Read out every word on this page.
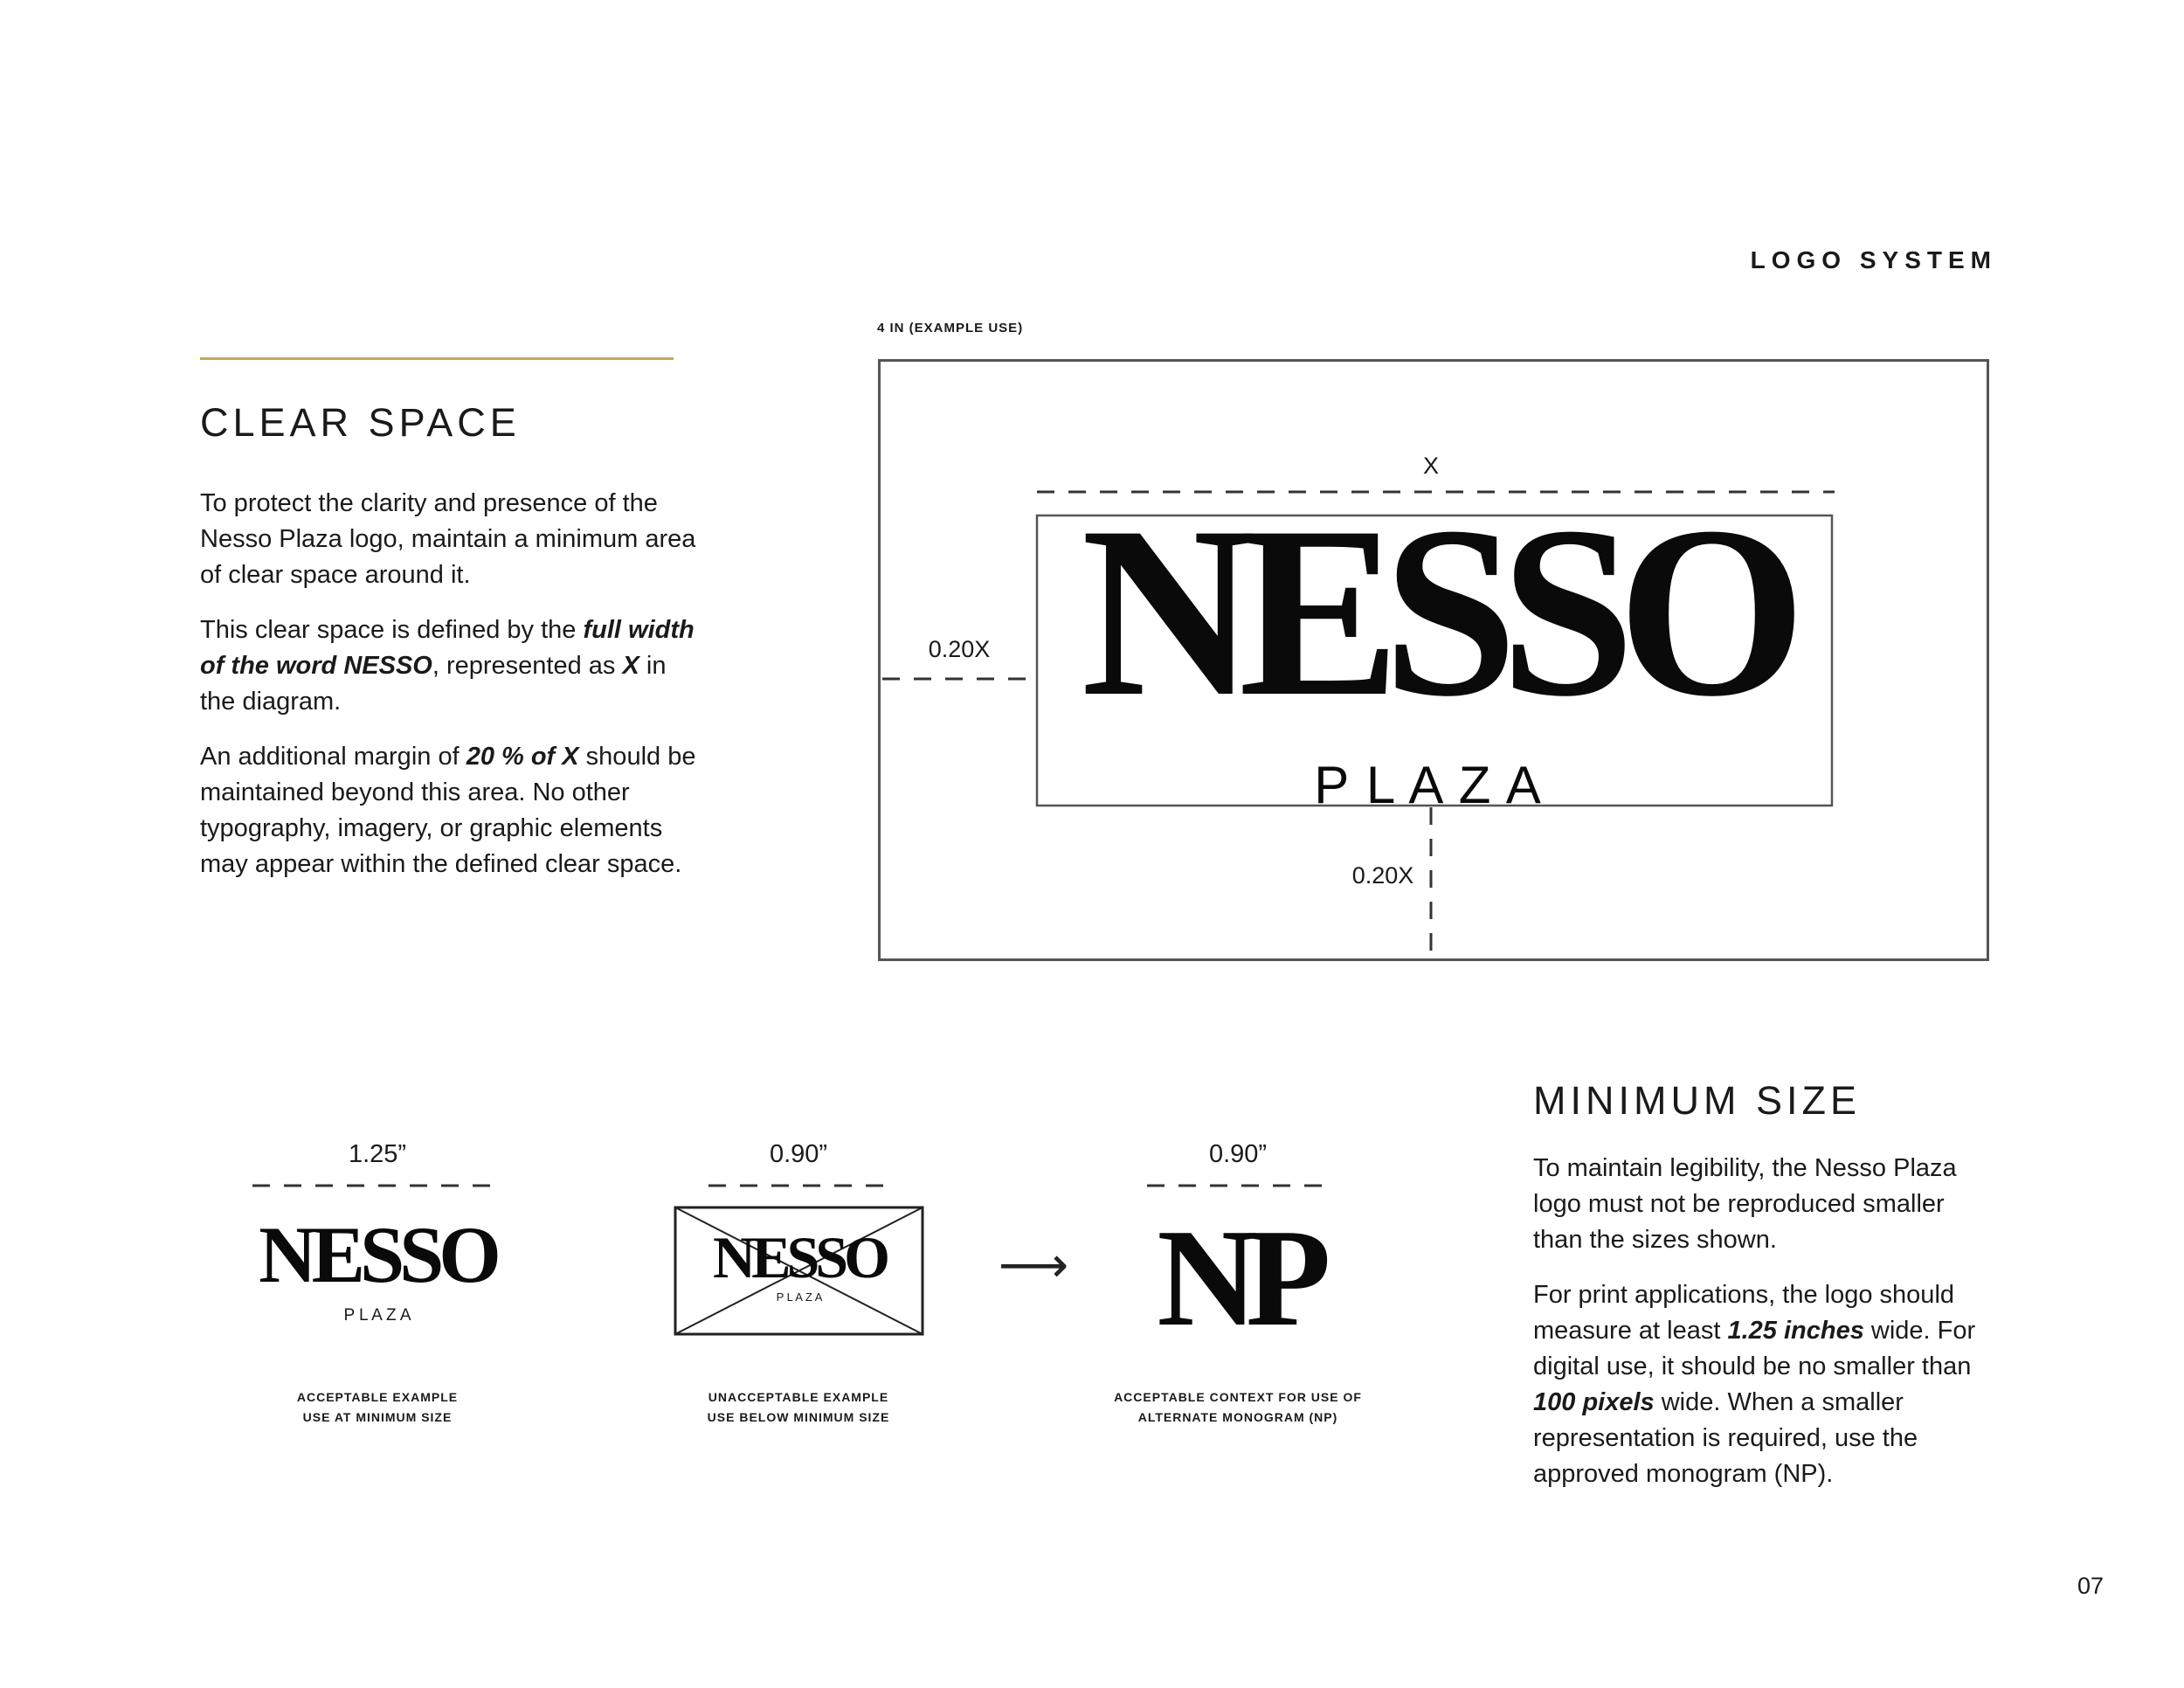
LOGO SYSTEM
CLEAR SPACE

To protect the clarity and presence of the Nesso Plaza logo, maintain a minimum area of clear space around it.

This clear space is defined by the full width of the word NESSO, represented as X in the diagram.

An additional margin of 20 % of X should be maintained beyond this area. No other typography, imagery, or graphic elements may appear within the defined clear space.

4 IN (EXAMPLE USE)
X
0.20X
0.20X
NESSO
P L A Z A
1.25”
NESSO
P L A Z A
ACCEPTABLE EXAMPLE
USE AT MINIMUM SIZE
0.90”
NESSO
P L A Z A
UNACCEPTABLE EXAMPLE
USE BELOW MINIMUM SIZE
⟶
0.90”
NP
ACCEPTABLE CONTEXT FOR USE OF
ALTERNATE MONOGRAM (NP)
MINIMUM SIZE

To maintain legibility, the Nesso Plaza logo must not be reproduced smaller than the sizes shown.

For print applications, the logo should measure at least 1.25 inches wide. For digital use, it should be no smaller than 100 pixels wide. When a smaller representation is required, use the approved monogram (NP).

07
